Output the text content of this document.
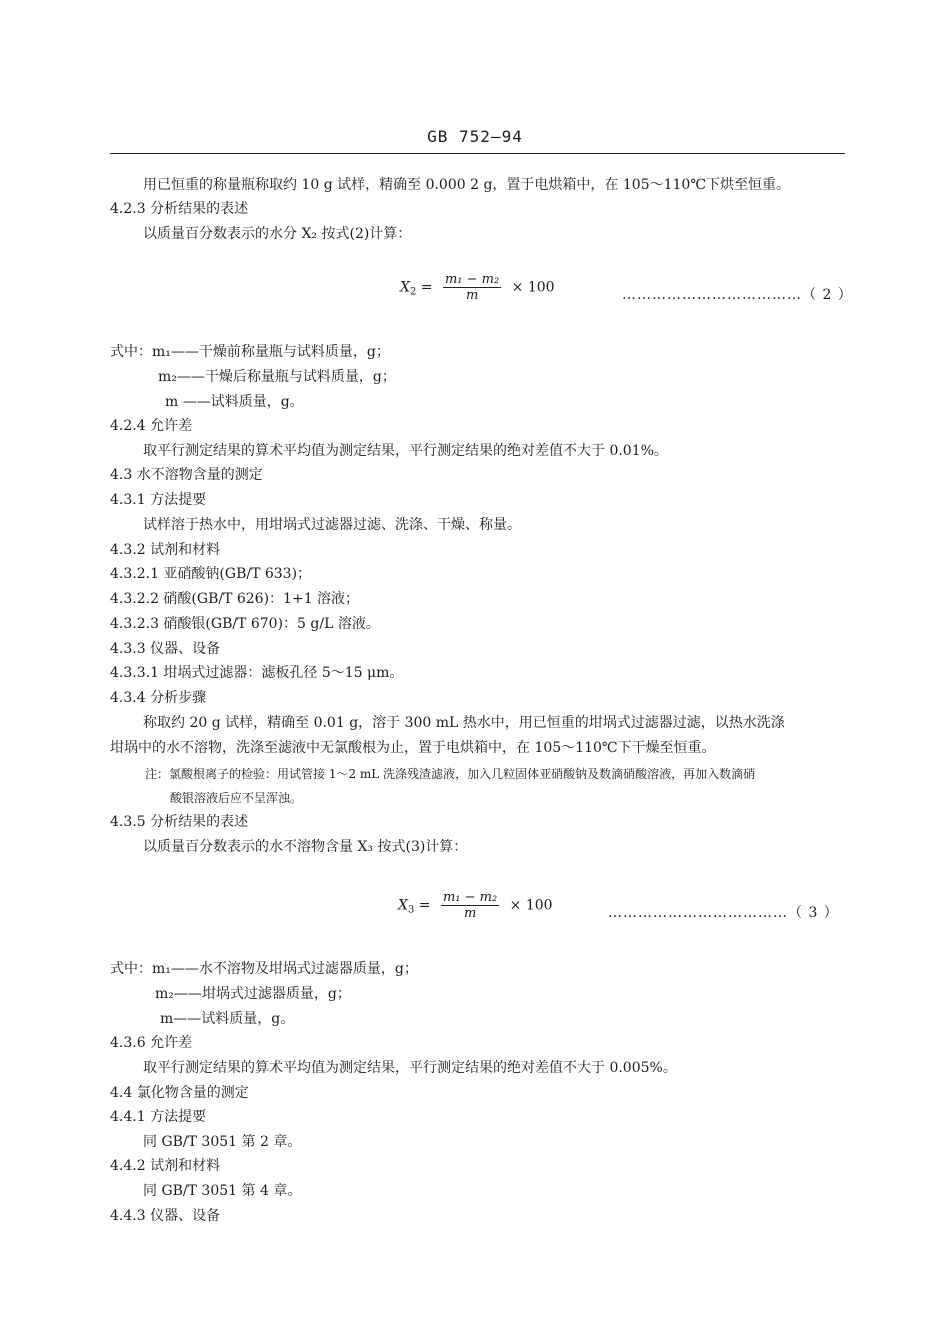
GB 752—94
用已恒重的称量瓶称取约 10 g 试样，精确至 0.000 2 g，置于电烘箱中，在 105～110℃下烘至恒重。
4.2.3 分析结果的表述
以质量百分数表示的水分 X₂ 按式(2)计算：
$X_2 = \frac{\text{m₁ − m₂}}{m} \times 100$	………………………………（ 2 ）
式中：m₁——干燥前称量瓶与试料质量，g；
m₂——干燥后称量瓶与试料质量，g；
m ——试料质量，g。
4.2.4 允许差
取平行测定结果的算术平均值为测定结果，平行测定结果的绝对差值不大于 0.01%。
4.3 水不溶物含量的测定
4.3.1 方法提要
试样溶于热水中，用坩埚式过滤器过滤、洗涤、干燥、称量。
4.3.2 试剂和材料
4.3.2.1 亚硝酸钠(GB/T 633)；
4.3.2.2 硝酸(GB/T 626)：1+1 溶液；
4.3.2.3 硝酸银(GB/T 670)：5 g/L 溶液。
4.3.3 仪器、设备
4.3.3.1 坩埚式过滤器：滤板孔径 5～15 μm。
4.3.4 分析步骤
称取约 20 g 试样，精确至 0.01 g，溶于 300 mL 热水中，用已恒重的坩埚式过滤器过滤，以热水洗涤
坩埚中的水不溶物，洗涤至滤液中无氯酸根为止，置于电烘箱中，在 105～110℃下干燥至恒重。
注：氯酸根离子的检验：用试管接 1～2 mL 洗涤残渣滤液，加入几粒固体亚硝酸钠及数滴硝酸溶液，再加入数滴硝
酸银溶液后应不呈浑浊。
4.3.5 分析结果的表述
以质量百分数表示的水不溶物含量 X₃ 按式(3)计算：
$X_3 = \frac{\text{m₁ − m₂}}{m} \times 100$	………………………………（ 3 ）
式中：m₁——水不溶物及坩埚式过滤器质量，g；
m₂——坩埚式过滤器质量，g；
m——试料质量，g。
4.3.6 允许差
取平行测定结果的算术平均值为测定结果，平行测定结果的绝对差值不大于 0.005%。
4.4 氯化物含量的测定
4.4.1 方法提要
同 GB/T 3051 第 2 章。
4.4.2 试剂和材料
同 GB/T 3051 第 4 章。
4.4.3 仪器、设备
